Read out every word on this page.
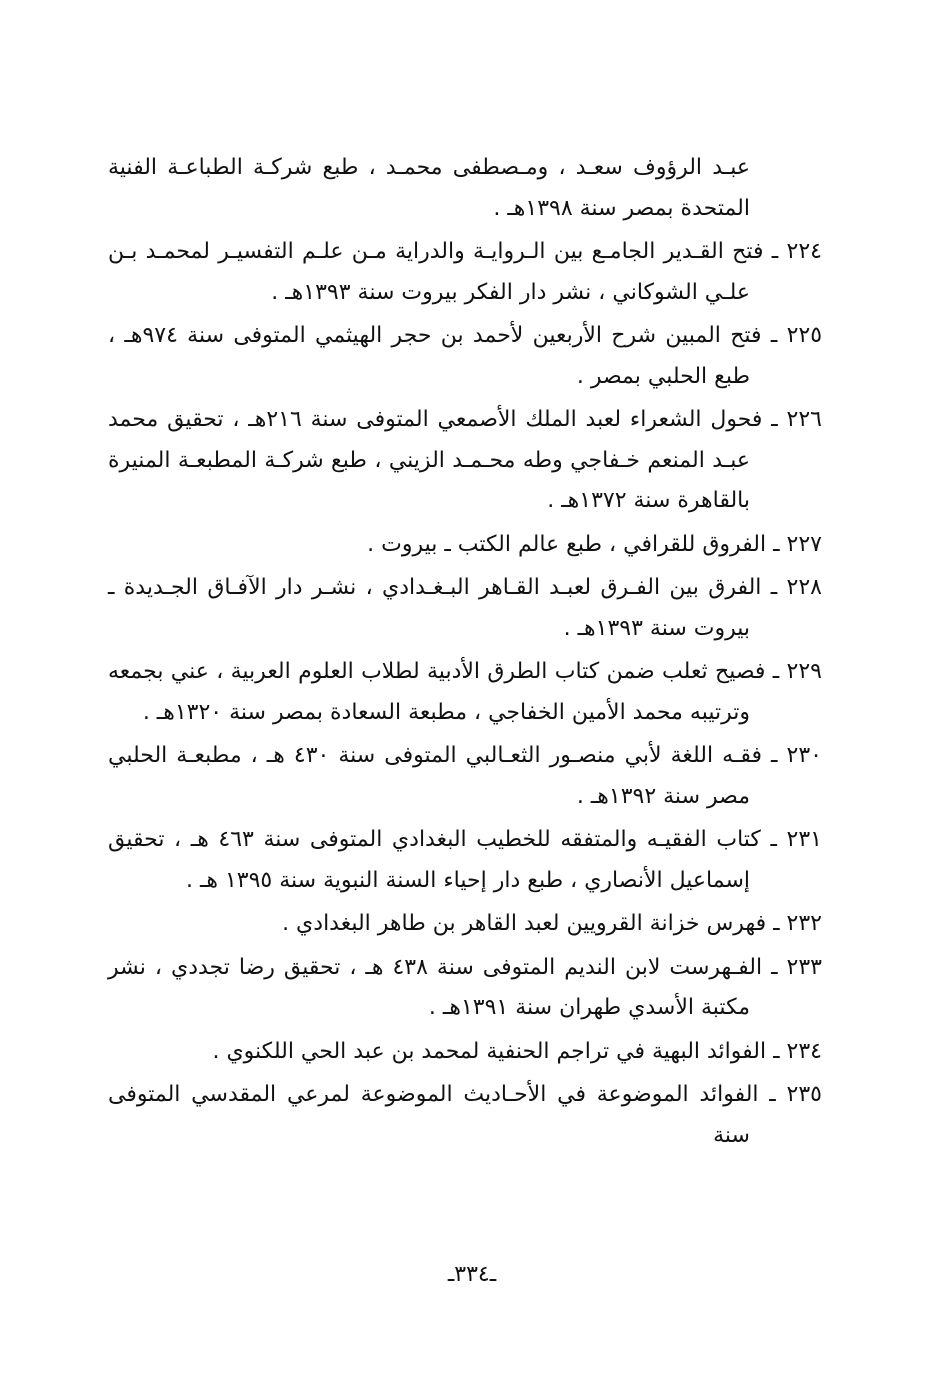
عبـد الرؤوف سعـد ، ومـصطفى محمـد ، طبع شركـة الطباعـة الفنية المتحدة بمصر سنة ١٣٩٨هـ .

٢٢٤ ـ فتح القـدير الجامـع بين الـروايـة والدراية مـن علـم التفسيـر لمحمـد بـن علـي الشوكاني ، نشر دار الفكر بيروت سنة ١٣٩٣هـ .

٢٢٥ ـ فتح المبين شرح الأربعين لأحمد بن حجر الهيثمي المتوفى سنة ٩٧٤هـ ، طبع الحلبي بمصر .

٢٢٦ ـ فحول الشعراء لعبد الملك الأصمعي المتوفى سنة ٢١٦هـ ، تحقيق محمد عبـد المنعم خـفاجي وطه محـمـد الزيني ، طبع شركـة المطبعـة المنيرة بالقاهرة سنة ١٣٧٢هـ .

٢٢٧ ـ الفروق للقرافي ، طبع عالم الكتب ـ بيروت .

٢٢٨ ـ الفرق بين الفـرق لعبـد القـاهر البـغـدادي ، نشـر دار الآفـاق الجـديدة ـ بيروت سنة ١٣٩٣هـ .

٢٢٩ ـ فصيح ثعلب ضمن كتاب الطرق الأدبية لطلاب العلوم العربية ، عني بجمعه وترتيبه محمد الأمين الخفاجي ، مطبعة السعادة بمصر سنة ١٣٢٠هـ .

٢٣٠ ـ فقـه اللغة لأبي منصـور الثعـالبي المتوفى سنة ٤٣٠ هـ ، مطبعـة الحلبي مصر سنة ١٣٩٢هـ .

٢٣١ ـ كتاب الفقيـه والمتفقه للخطيب البغدادي المتوفى سنة ٤٦٣ هـ ، تحقيق إسماعيل الأنصاري ، طبع دار إحياء السنة النبوية سنة ١٣٩٥ هـ .

٢٣٢ ـ فهرس خزانة القرويين لعبد القاهر بن طاهر البغدادي .

٢٣٣ ـ الفـهرست لابن النديم المتوفى سنة ٤٣٨ هـ ، تحقيق رضا تجددي ، نشر مكتبة الأسدي طهران سنة ١٣٩١هـ .

٢٣٤ ـ الفوائد البهية في تراجم الحنفية لمحمد بن عبد الحي اللكنوي .

٢٣٥ ـ الفوائد الموضوعة في الأحـاديث الموضوعة لمرعي المقدسي المتوفى سنة

ـ٣٣٤ـ
